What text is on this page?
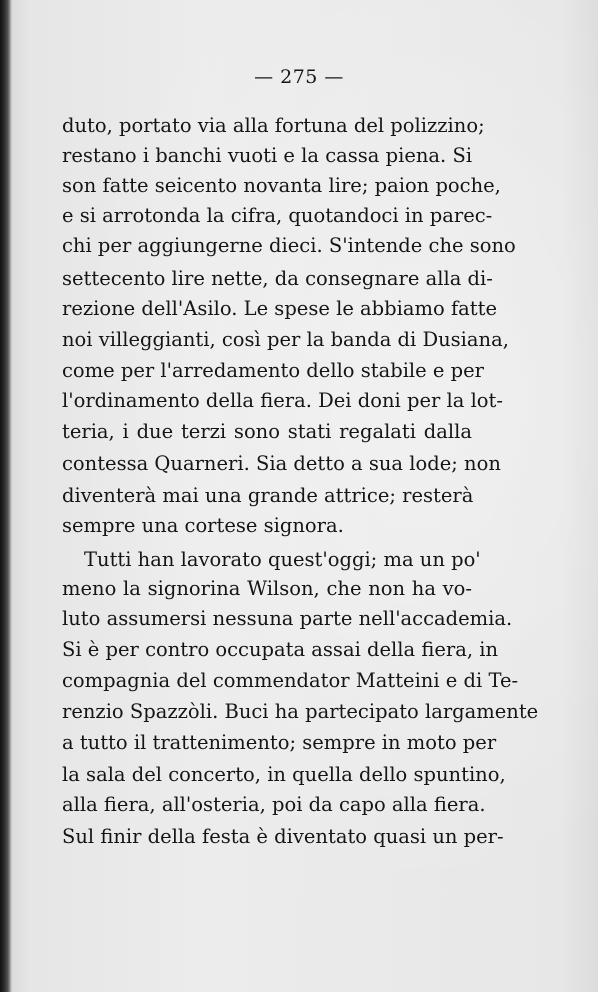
— 275 —
duto, portato via alla fortuna del polizzino;
restano i banchi vuoti e la cassa piena. Si
son fatte seicento novanta lire; paion poche,
e si arrotonda la cifra, quotandoci in parec-
chi per aggiungerne dieci. S'intende che sono
settecento lire nette, da consegnare alla di-
rezione dell'Asilo. Le spese le abbiamo fatte
noi villeggianti, così per la banda di Dusiana,
come per l'arredamento dello stabile e per
l'ordinamento della fiera. Dei doni per la lot-
teria, i due terzi sono stati regalati dalla
contessa Quarneri. Sia detto a sua lode; non
diventerà mai una grande attrice; resterà
sempre una cortese signora.
Tutti han lavorato quest'oggi; ma un po'
meno la signorina Wilson, che non ha vo-
luto assumersi nessuna parte nell'accademia.
Si è per contro occupata assai della fiera, in
compagnia del commendator Matteini e di Te-
renzio Spazzòli. Buci ha partecipato largamente
a tutto il trattenimento; sempre in moto per
la sala del concerto, in quella dello spuntino,
alla fiera, all'osteria, poi da capo alla fiera.
Sul finir della festa è diventato quasi un per-
